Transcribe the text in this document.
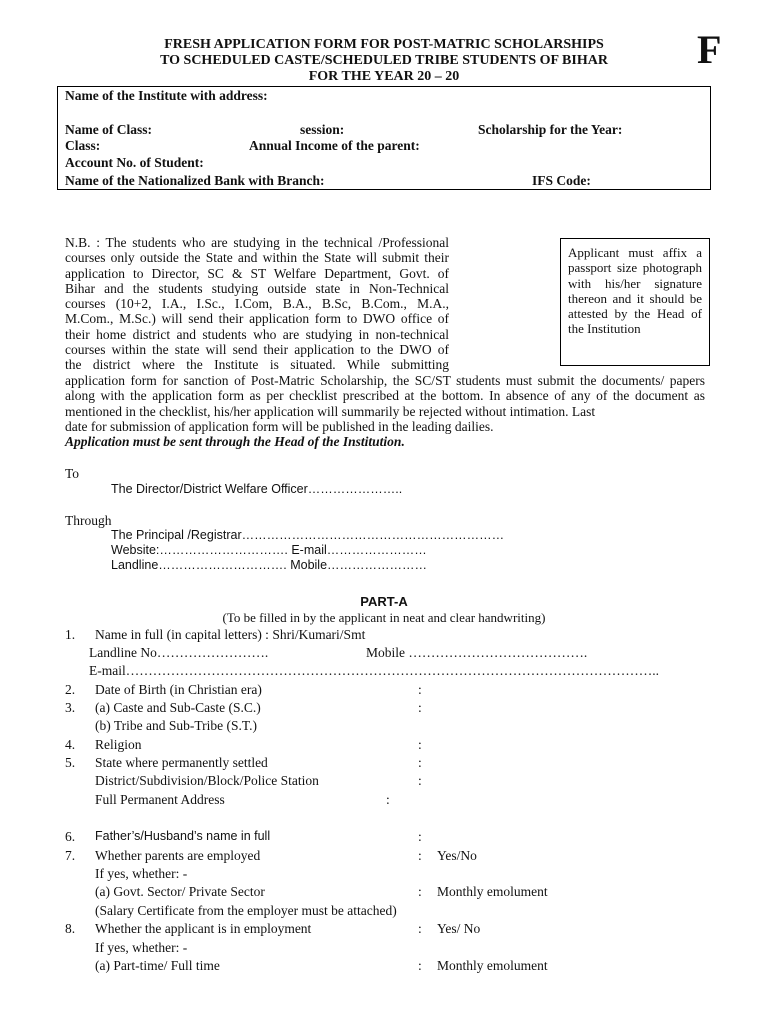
FRESH APPLICATION FORM FOR POST-MATRIC SCHOLARSHIPS
TO SCHEDULED CASTE/SCHEDULED TRIBE STUDENTS OF BIHAR
FOR THE YEAR 20 – 20
F
Name of the Institute with address:
Name of Class:	session:	Scholarship for the Year:
Class:	Annual Income of the parent:
Account No. of Student:
Name of the Nationalized Bank with Branch:	IFS Code:
Applicant must affix a passport size photograph with his/her signature thereon and it should be attested by the Head of the Institution
N.B. : The students who are studying in the technical /Professional
courses only outside the State and within the State will submit their
application to Director, SC & ST Welfare Department, Govt. of
Bihar and the students studying outside state in Non-Technical
courses (10+2, I.A., I.Sc., I.Com, B.A., B.Sc, B.Com., M.A.,
M.Com., M.Sc.) will send their application form to DWO office of
their home district and students who are studying in non-technical
courses within the state will send their application to the DWO of
the district where the Institute is situated. While submitting
application form for sanction of Post-Matric Scholarship, the SC/ST students must submit the documents/ papers along with the application form as per checklist prescribed at the bottom. In absence of any of the document as mentioned in the checklist, his/her application will summarily be rejected without intimation. Last
date for submission of application form will be published in the leading dailies.
Application must be sent through the Head of the Institution.
To
The Director/District Welfare Officer…………………..
Through
The Principal /Registrar………………………………………………………
Website:…………………………. E-mail……………………
Landline…………………………. Mobile……………………
PART-A
(To be filled in by the applicant in neat and clear handwriting)
1. Name in full (in capital letters) : Shri/Kumari/Smt
Landline No…………………….	Mobile ………………………………….
E-mail………………………………………………………………………………………………………..
2. Date of Birth (in Christian era)	:
3. (a) Caste and Sub-Caste (S.C.)	:
(b) Tribe and Sub-Tribe (S.T.)
4. Religion	:
5. State where permanently settled	:
District/Subdivision/Block/Police Station	:
Full Permanent Address	:
6. Father’s/Husband’s name in full	:
7. Whether parents are employed	: Yes/No
If yes, whether: -
(a) Govt. Sector/ Private Sector	: Monthly emolument
(Salary Certificate from the employer must be attached)
8. Whether the applicant is in employment	: Yes/ No
If yes, whether: -
(a) Part-time/ Full time	: Monthly emolument
